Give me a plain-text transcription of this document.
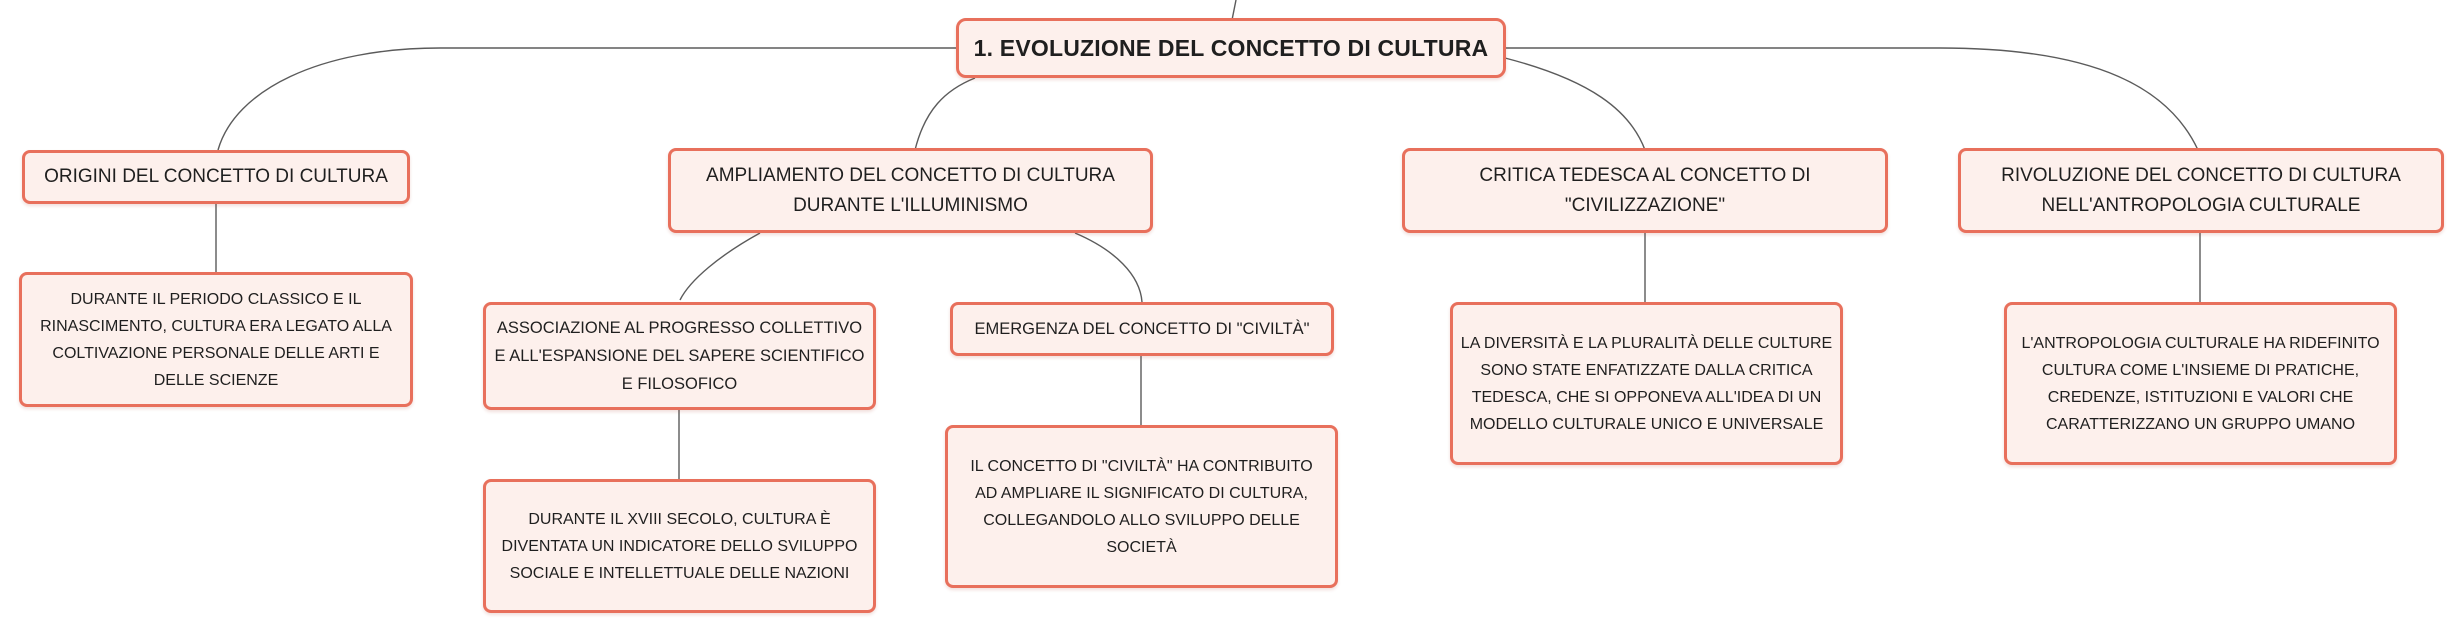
1. EVOLUZIONE DEL CONCETTO DI CULTURA
ORIGINI DEL CONCETTO DI CULTURA
DURANTE IL PERIODO CLASSICO E IL RINASCIMENTO, CULTURA ERA LEGATO ALLA COLTIVAZIONE PERSONALE DELLE ARTI E DELLE SCIENZE
AMPLIAMENTO DEL CONCETTO DI CULTURA DURANTE L'ILLUMINISMO
ASSOCIAZIONE AL PROGRESSO COLLETTIVO E ALL'ESPANSIONE DEL SAPERE SCIENTIFICO E FILOSOFICO
DURANTE IL XVIII SECOLO, CULTURA È DIVENTATA UN INDICATORE DELLO SVILUPPO SOCIALE E INTELLETTUALE DELLE NAZIONI
EMERGENZA DEL CONCETTO DI "CIVILTÀ"
IL CONCETTO DI "CIVILTÀ" HA CONTRIBUITO AD AMPLIARE IL SIGNIFICATO DI CULTURA, COLLEGANDOLO ALLO SVILUPPO DELLE SOCIETÀ
CRITICA TEDESCA AL CONCETTO DI "CIVILIZZAZIONE"
LA DIVERSITÀ E LA PLURALITÀ DELLE CULTURE SONO STATE ENFATIZZATE DALLA CRITICA TEDESCA, CHE SI OPPONEVA ALL'IDEA DI UN MODELLO CULTURALE UNICO E UNIVERSALE
RIVOLUZIONE DEL CONCETTO DI CULTURA NELL'ANTROPOLOGIA CULTURALE
L'ANTROPOLOGIA CULTURALE HA RIDEFINITO CULTURA COME L'INSIEME DI PRATICHE, CREDENZE, ISTITUZIONI E VALORI CHE CARATTERIZZANO UN GRUPPO UMANO
